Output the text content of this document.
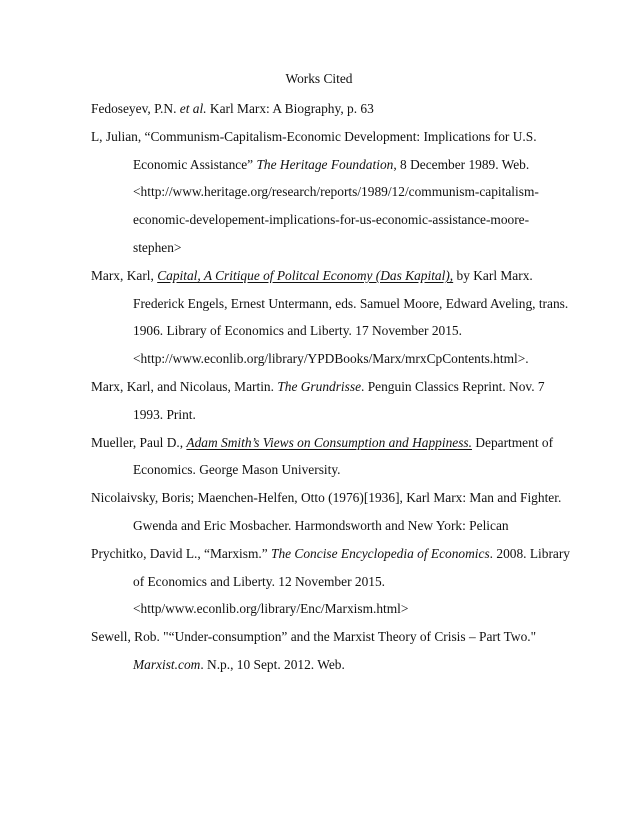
Works Cited
Fedoseyev, P.N. et al. Karl Marx: A Biography, p. 63
L, Julian, “Communism-Capitalism-Economic Development: Implications for U.S.
Economic Assistance” The Heritage Foundation, 8 December 1989. Web.
<http://www.heritage.org/research/reports/1989/12/communism-capitalism-
economic-developement-implications-for-us-economic-assistance-moore-
stephen>
Marx, Karl, Capital, A Critique of Politcal Economy (Das Kapital), by Karl Marx.
Frederick Engels, Ernest Untermann, eds. Samuel Moore, Edward Aveling, trans.
1906. Library of Economics and Liberty. 17 November 2015.
<http://www.econlib.org/library/YPDBooks/Marx/mrxCpContents.html>.
Marx, Karl, and Nicolaus, Martin. The Grundrisse. Penguin Classics Reprint. Nov. 7
1993. Print.
Mueller, Paul D., Adam Smith’s Views on Consumption and Happiness. Department of
Economics. George Mason University.
Nicolaivsky, Boris; Maenchen-Helfen, Otto (1976)[1936], Karl Marx: Man and Fighter.
Gwenda and Eric Mosbacher. Harmondsworth and New York: Pelican
Prychitko, David L., “Marxism.” The Concise Encyclopedia of Economics. 2008. Library
of Economics and Liberty. 12 November 2015.
<http/www.econlib.org/library/Enc/Marxism.html>
Sewell, Rob. "“Under-consumption” and the Marxist Theory of Crisis – Part Two."
Marxist.com. N.p., 10 Sept. 2012. Web.
